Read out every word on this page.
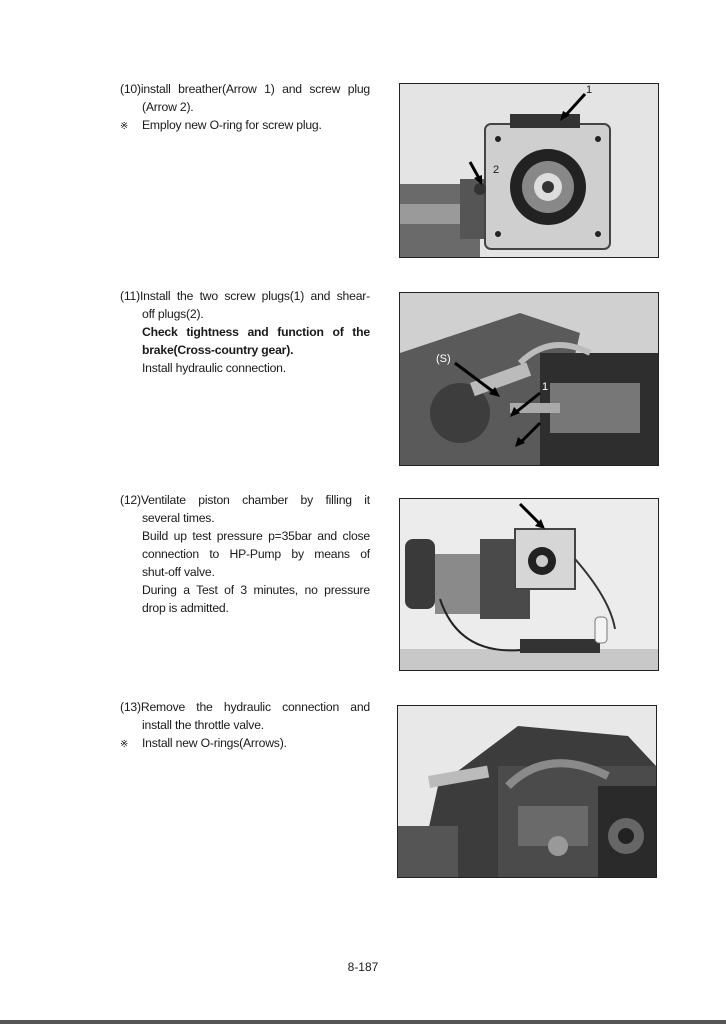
(10)install breather(Arrow 1) and screw plug
(Arrow 2).
※ Employ new O-ring for screw plug.
(11)Install the two screw plugs(1) and shear-
off plugs(2).
Check tightness and function of the
brake(Cross-country gear).
Install hydraulic connection.
(12)Ventilate piston chamber by filling it
several times.
Build up test pressure p=35bar and close
connection to HP-Pump by means of
shut-off valve.
During a Test of 3 minutes, no pressure
drop is admitted.
(13)Remove the hydraulic connection and
install the throttle valve.
※ Install new O-rings(Arrows).
1
2
(S)
1
8-187
